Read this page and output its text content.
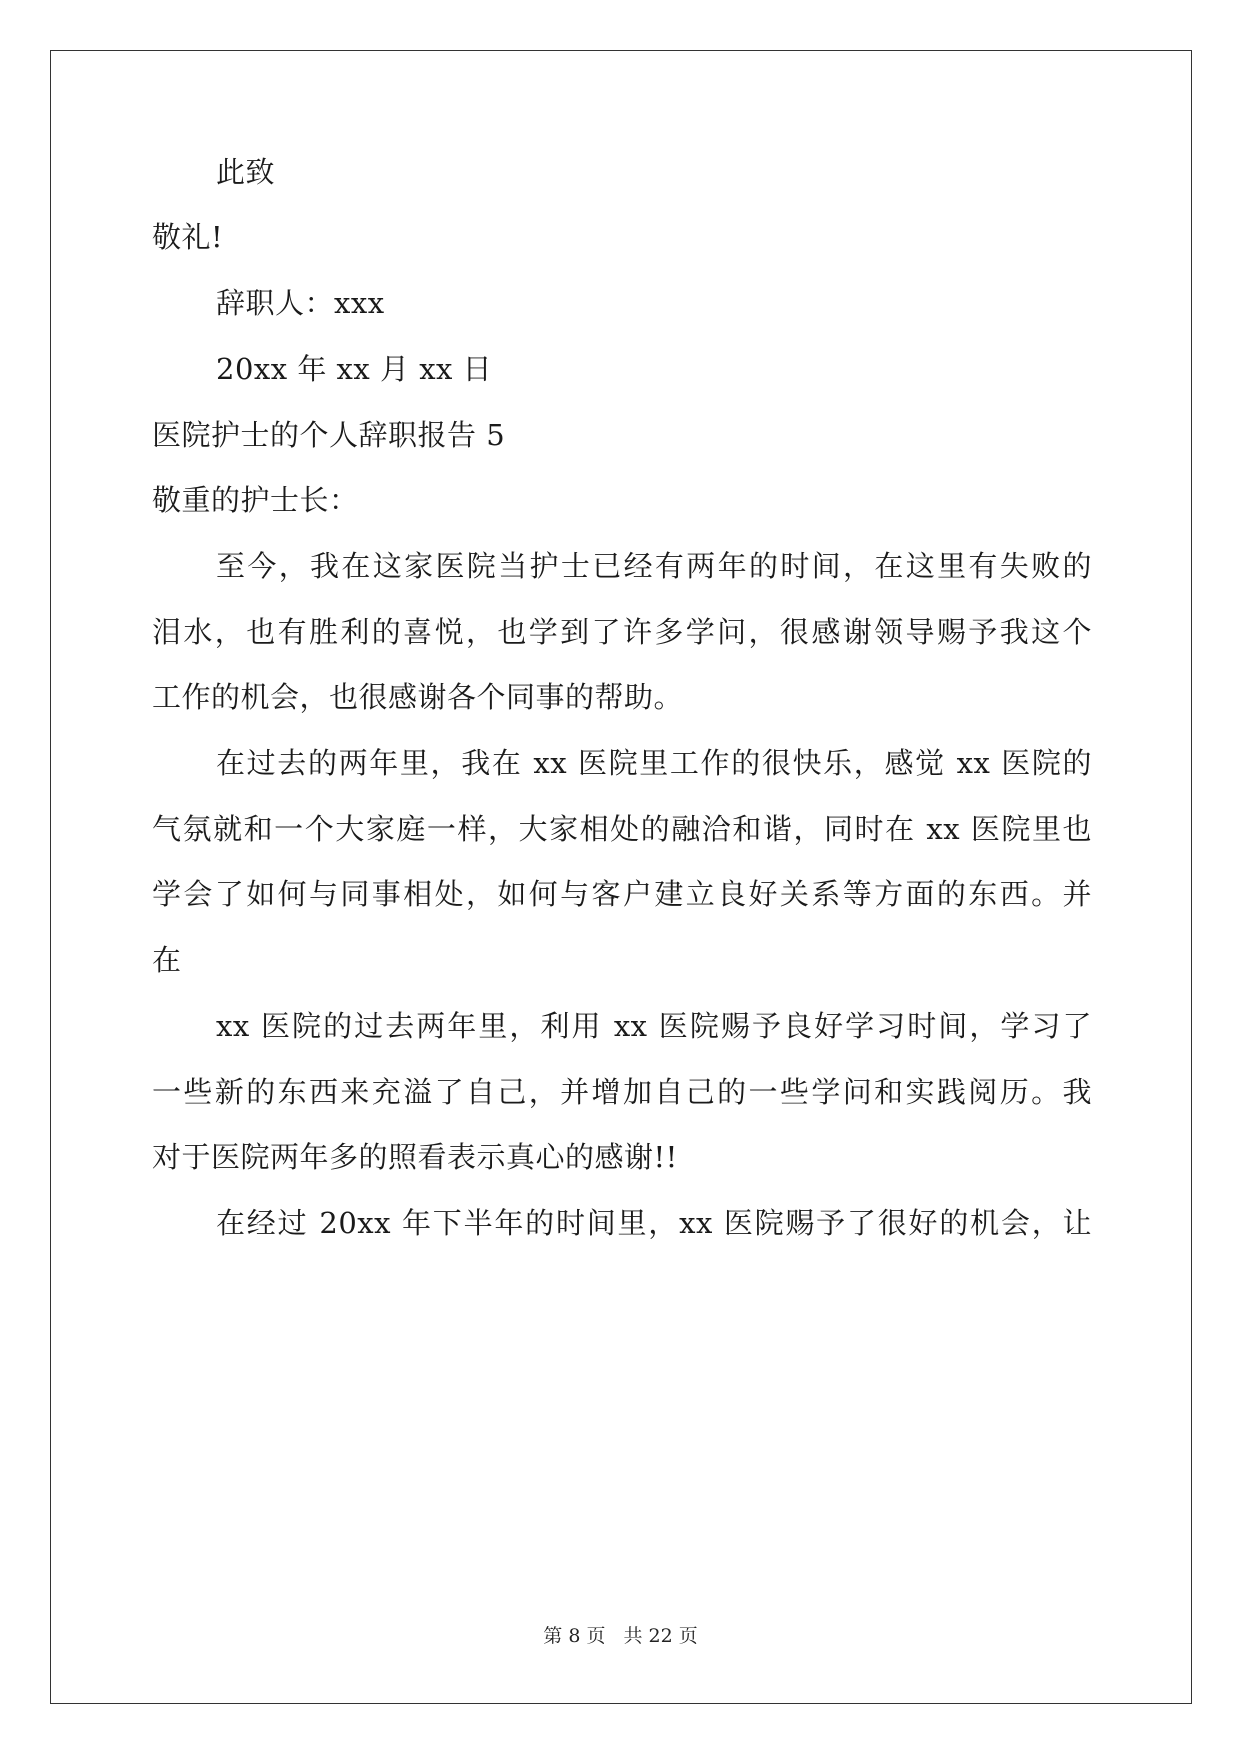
此致
敬礼!
辞职人：xxx
20xx 年 xx 月 xx 日
医院护士的个人辞职报告 5
敬重的护士长：
至今，我在这家医院当护士已经有两年的时间，在这里有失败的
泪水，也有胜利的喜悦，也学到了许多学问，很感谢领导赐予我这个
工作的机会，也很感谢各个同事的帮助。
在过去的两年里，我在 xx 医院里工作的很快乐，感觉 xx 医院的
气氛就和一个大家庭一样，大家相处的融洽和谐，同时在 xx 医院里也
学会了如何与同事相处，如何与客户建立良好关系等方面的东西。并
在
xx 医院的过去两年里，利用 xx 医院赐予良好学习时间，学习了
一些新的东西来充溢了自己，并增加自己的一些学问和实践阅历。我
对于医院两年多的照看表示真心的感谢!!
在经过 20xx 年下半年的时间里，xx 医院赐予了很好的机会，让
第 8 页 共 22 页
